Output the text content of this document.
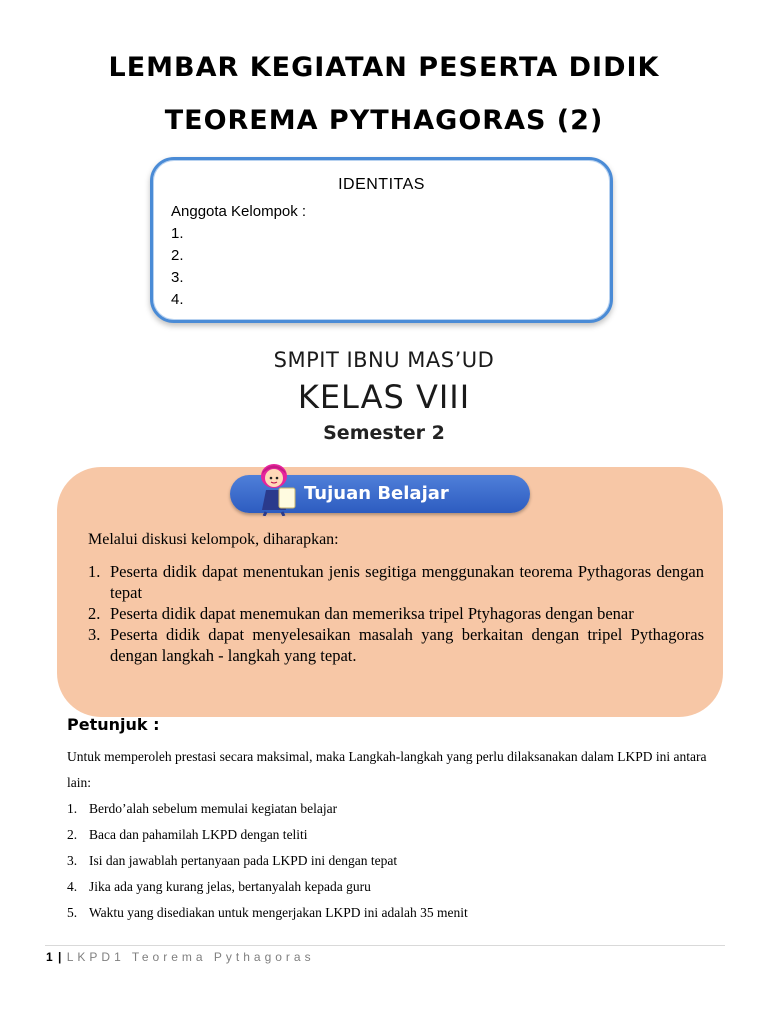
LEMBAR KEGIATAN PESERTA DIDIK
TEOREMA PYTHAGORAS (2)
IDENTITAS
Anggota Kelompok :
1.
2.
3.
4.
SMPIT IBNU MAS’UD
KELAS VIII
Semester 2
Tujuan Belajar
Melalui diskusi kelompok, diharapkan:
1. Peserta didik dapat menentukan jenis segitiga menggunakan teorema Pythagoras dengan tepat
2. Peserta didik dapat menemukan dan memeriksa tripel Ptyhagoras dengan benar
3. Peserta didik dapat menyelesaikan masalah yang berkaitan dengan tripel Pythagoras dengan langkah - langkah yang tepat.
Petunjuk :
Untuk memperoleh prestasi secara maksimal, maka Langkah-langkah yang perlu dilaksanakan dalam LKPD ini antara lain:
1. Berdo’alah sebelum memulai kegiatan belajar
2. Baca dan pahamilah LKPD dengan teliti
3. Isi dan jawablah pertanyaan pada LKPD ini dengan tepat
4. Jika ada yang kurang jelas, bertanyalah kepada guru
5. Waktu yang disediakan untuk mengerjakan LKPD ini adalah 35 menit
1 | LKPD1 Teorema Pythagoras
